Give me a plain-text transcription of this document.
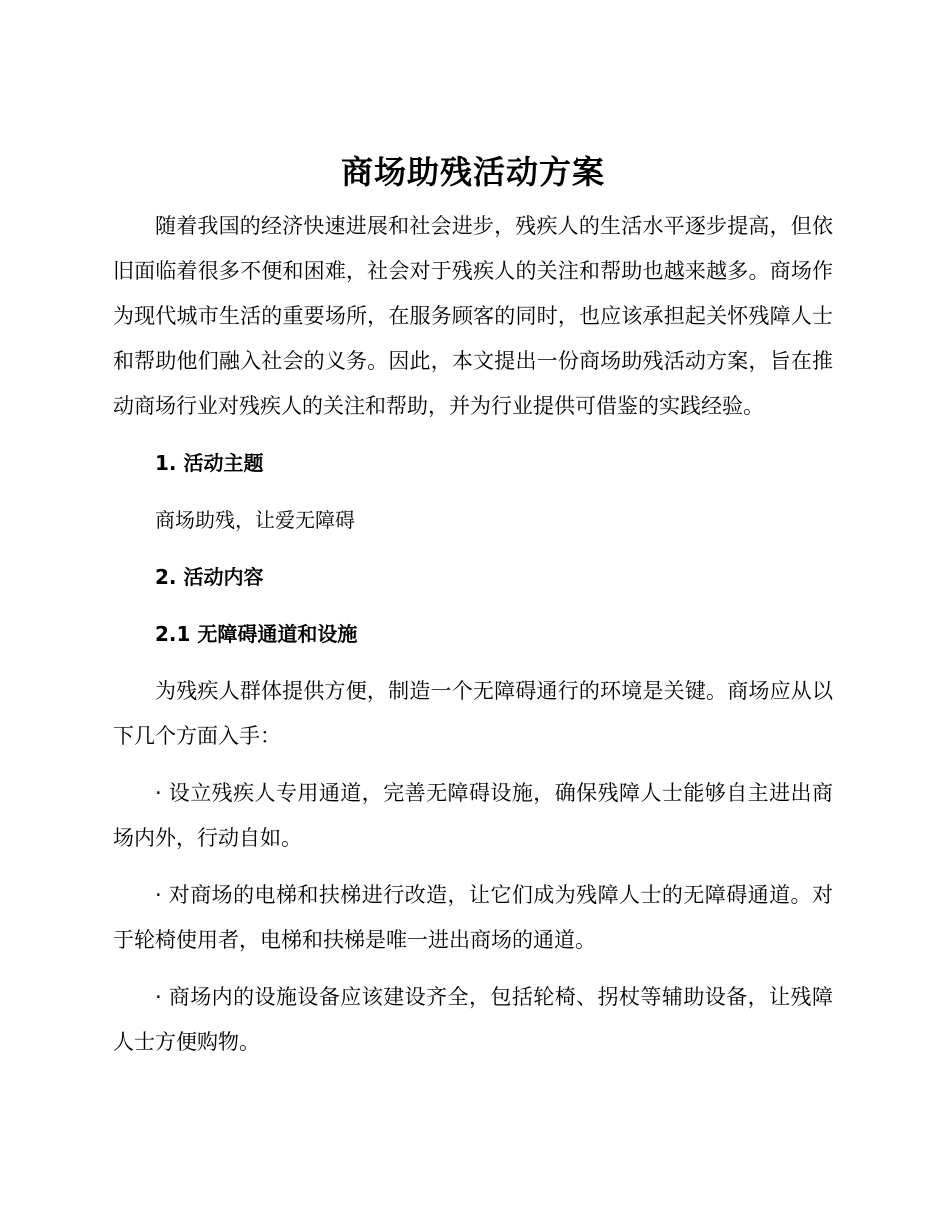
商场助残活动方案

随着我国的经济快速进展和社会进步，残疾人的生活水平逐步提高，但依旧面临着很多不便和困难，社会对于残疾人的关注和帮助也越来越多。商场作为现代城市生活的重要场所，在服务顾客的同时，也应该承担起关怀残障人士和帮助他们融入社会的义务。因此，本文提出一份商场助残活动方案，旨在推动商场行业对残疾人的关注和帮助，并为行业提供可借鉴的实践经验。

1. 活动主题

商场助残，让爱无障碍

2. 活动内容

2.1 无障碍通道和设施

为残疾人群体提供方便，制造一个无障碍通行的环境是关键。商场应从以下几个方面入手：

· 设立残疾人专用通道，完善无障碍设施，确保残障人士能够自主进出商场内外，行动自如。

· 对商场的电梯和扶梯进行改造，让它们成为残障人士的无障碍通道。对于轮椅使用者，电梯和扶梯是唯一进出商场的通道。

· 商场内的设施设备应该建设齐全，包括轮椅、拐杖等辅助设备，让残障人士方便购物。
